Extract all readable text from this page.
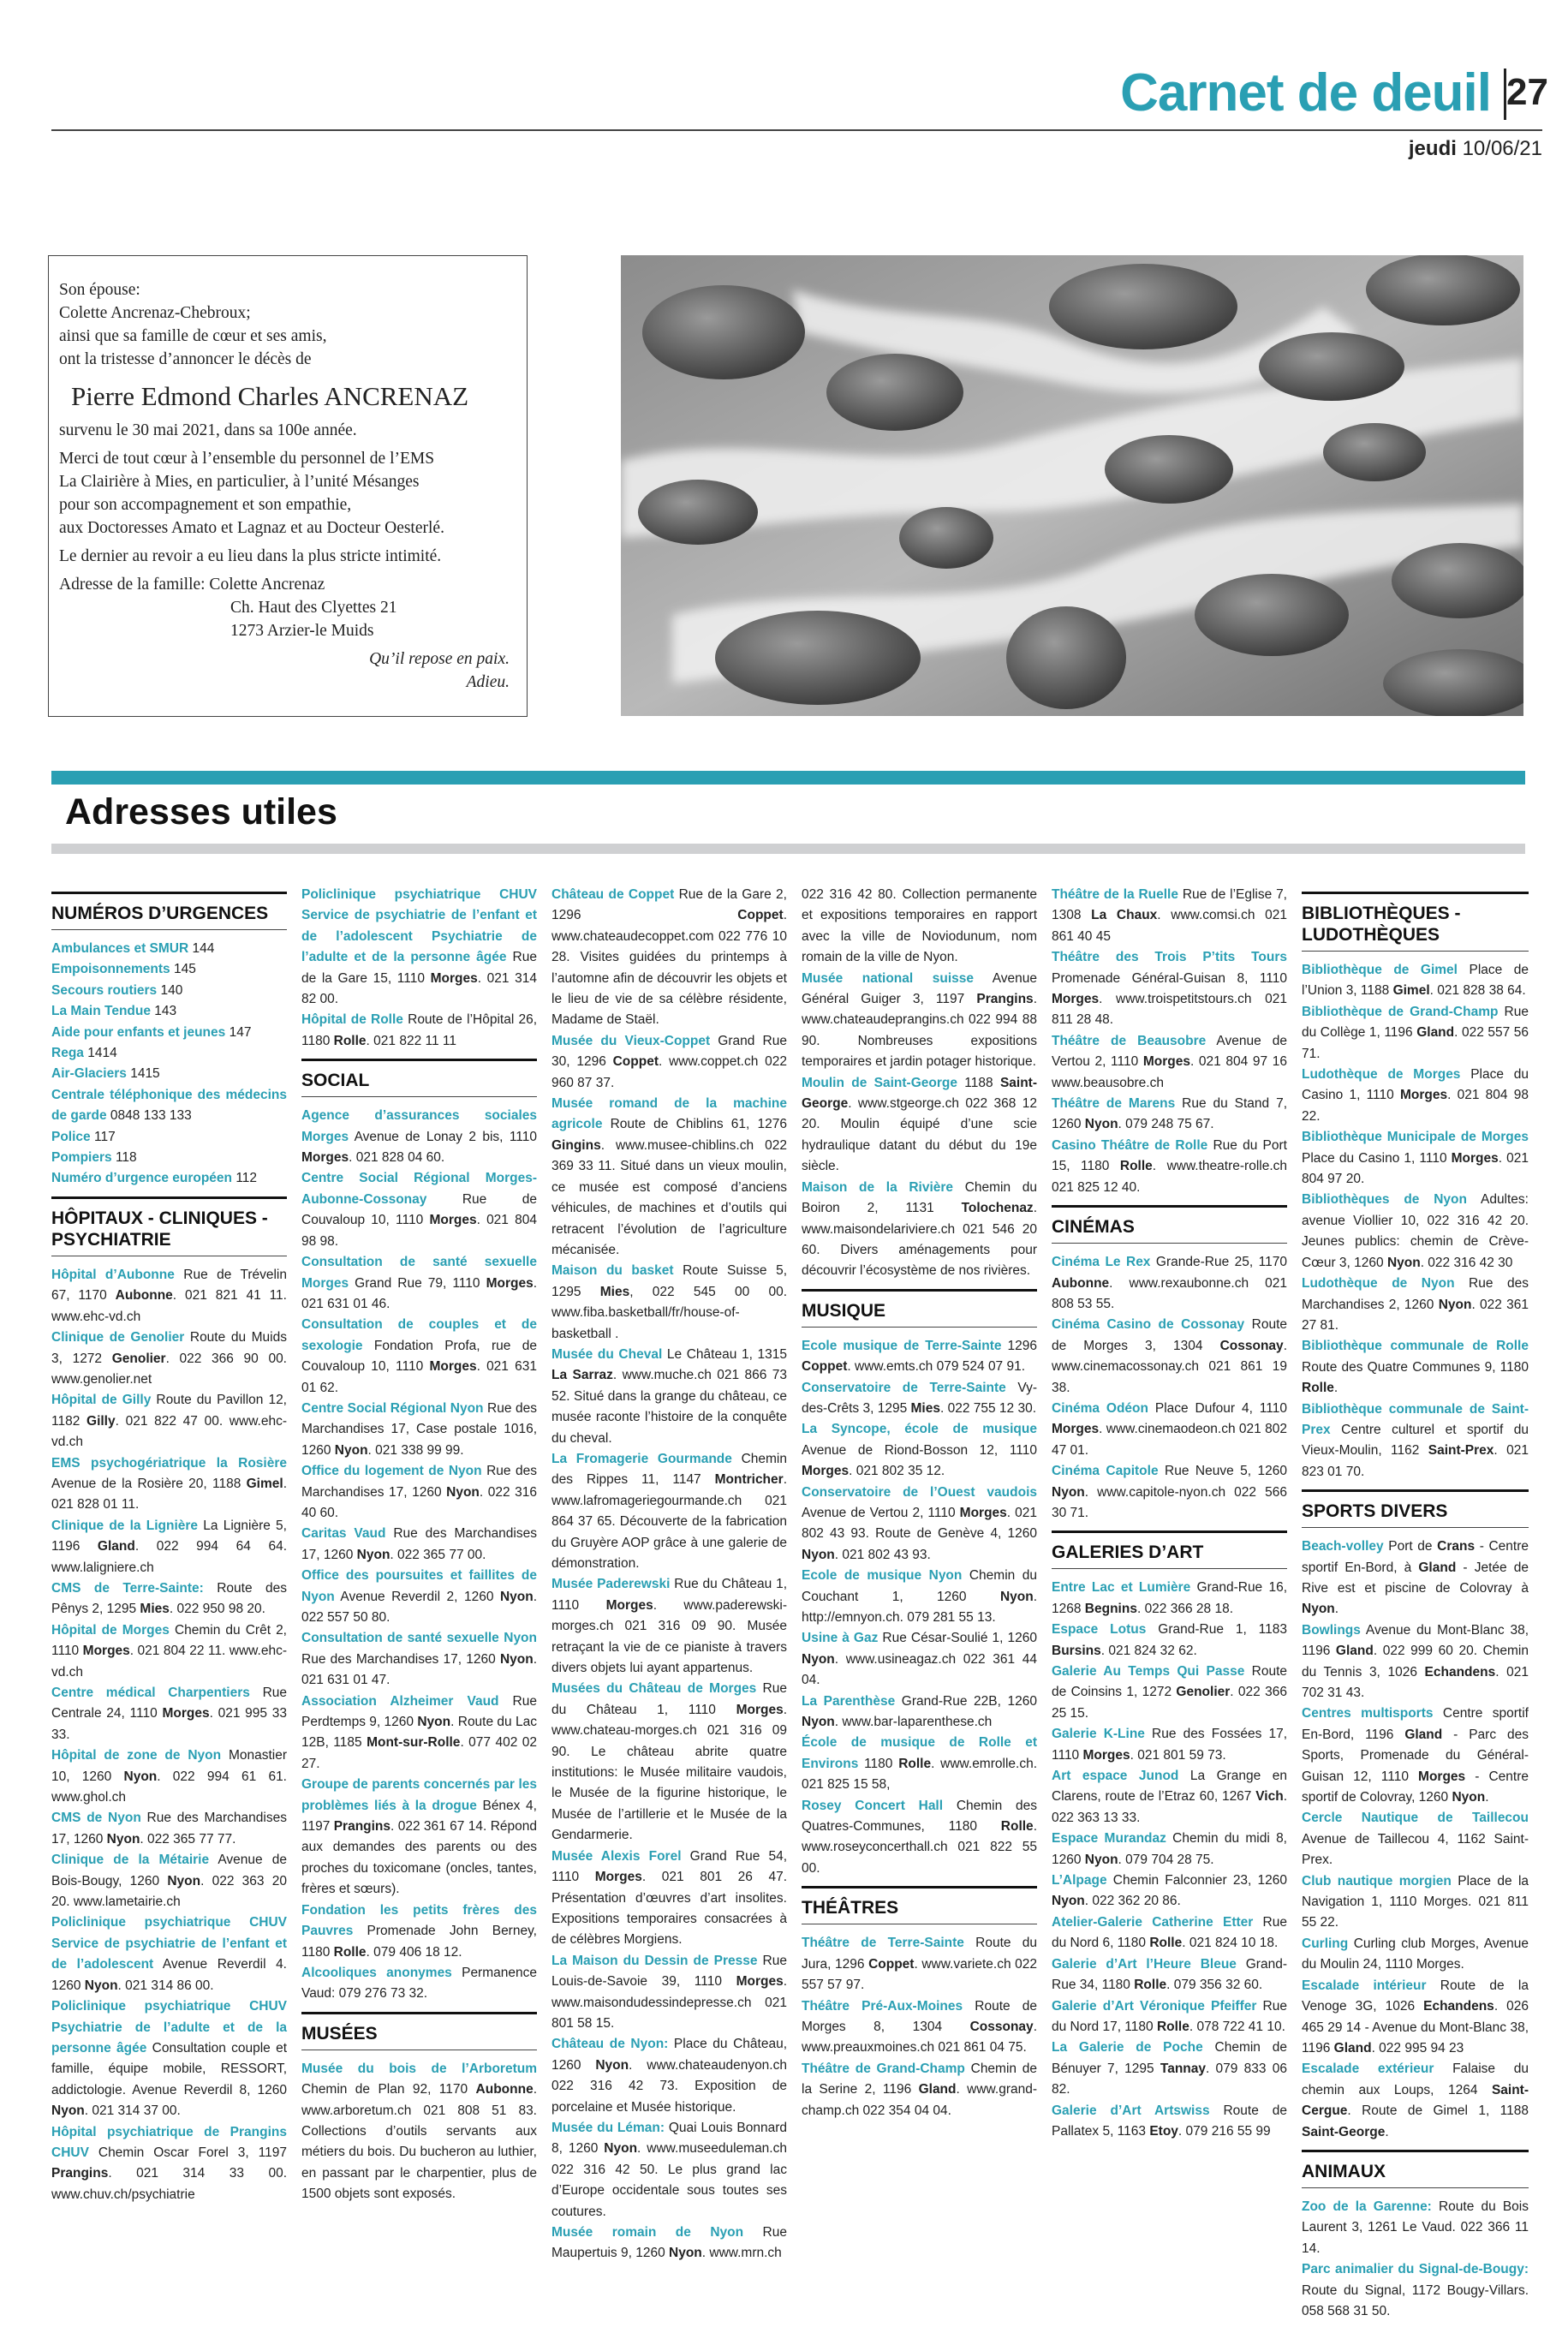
Carnet de deuil 27
jeudi 10/06/21

Son épouse:

Colette Ancrenaz-Chebroux;

ainsi que sa famille de cœur et ses amis,

ont la tristesse d’annoncer le décès de

Pierre Edmond Charles ANCRENAZ

survenu le 30 mai 2021, dans sa 100e année.

Merci de tout cœur à l’ensemble du personnel de l’EMS

La Clairière à Mies, en particulier, à l’unité Mésanges

pour son accompagnement et son empathie,

aux Doctoresses Amato et Lagnaz et au Docteur Oesterlé.

Le dernier au revoir a eu lieu dans la plus stricte intimité.

Adresse de la famille: Colette Ancrenaz

Ch. Haut des Clyettes 21

1273 Arzier-le Muids

Qu’il repose en paix.

Adieu.

Adresses utiles
NUMÉROS D’URGENCES
Ambulances et SMUR 144
Empoisonnements 145
Secours routiers 140
La Main Tendue 143
Aide pour enfants et jeunes 147
Rega 1414
Air-Glaciers 1415
Centrale téléphonique des médecins de garde 0848 133 133
Police 117
Pompiers 118
Numéro d’urgence européen 112
HÔPITAUX - CLINIQUES - PSYCHIATRIE
Hôpital d’Aubonne Rue de Trévelin 67, 1170 Aubonne. 021 821 41 11. www.ehc-vd.ch
Clinique de Genolier Route du Muids 3, 1272 Genolier. 022 366 90 00. www.genolier.net
Hôpital de Gilly Route du Pavillon 12, 1182 Gilly. 021 822 47 00. www.ehc-vd.ch
EMS psychogériatrique la Rosière Avenue de la Rosière 20, 1188 Gimel. 021 828 01 11.
Clinique de la Lignière La Lignière 5, 1196 Gland. 022 994 64 64. www.laligniere.ch
CMS de Terre-Sainte: Route des Pênys 2, 1295 Mies. 022 950 98 20.
Hôpital de Morges Chemin du Crêt 2, 1110 Morges. 021 804 22 11. www.ehc-vd.ch
Centre médical Charpentiers Rue Centrale 24, 1110 Morges. 021 995 33 33.
Hôpital de zone de Nyon Monastier 10, 1260 Nyon. 022 994 61 61. www.ghol.ch
CMS de Nyon Rue des Marchandises 17, 1260 Nyon. 022 365 77 77.
Clinique de la Métairie Avenue de Bois-Bougy, 1260 Nyon. 022 363 20 20. www.lametairie.ch
Policlinique psychiatrique CHUV Service de psychiatrie de l’enfant et de l’adolescent Avenue Reverdil 4. 1260 Nyon. 021 314 86 00.
Policlinique psychiatrique CHUV Psychiatrie de l’adulte et de la personne âgée Consultation couple et famille, équipe mobile, RESSORT, addictologie. Avenue Reverdil 8, 1260 Nyon. 021 314 37 00.
Hôpital psychiatrique de Prangins CHUV Chemin Oscar Forel 3, 1197 Prangins. 021 314 33 00. www.chuv.ch/psychiatrie
Policlinique psychiatrique CHUV Service de psychiatrie de l’enfant et de l’adolescent Psychiatrie de l’adulte et de la personne âgée Rue de la Gare 15, 1110 Morges. 021 314 82 00.
Hôpital de Rolle Route de l’Hôpital 26, 1180 Rolle. 021 822 11 11
SOCIAL
Agence d’assurances sociales Morges Avenue de Lonay 2 bis, 1110 Morges. 021 828 04 60.
Centre Social Régional Morges-Aubonne-Cossonay Rue de Couvaloup 10, 1110 Morges. 021 804 98 98.
Consultation de santé sexuelle Morges Grand Rue 79, 1110 Morges. 021 631 01 46.
Consultation de couples et de sexologie Fondation Profa, rue de Couvaloup 10, 1110 Morges. 021 631 01 62.
Centre Social Régional Nyon Rue des Marchandises 17, Case postale 1016, 1260 Nyon. 021 338 99 99.
Office du logement de Nyon Rue des Marchandises 17, 1260 Nyon. 022 316 40 60.
Caritas Vaud Rue des Marchandises 17, 1260 Nyon. 022 365 77 00.
Office des poursuites et faillites de Nyon Avenue Reverdil 2, 1260 Nyon. 022 557 50 80.
Consultation de santé sexuelle Nyon Rue des Marchandises 17, 1260 Nyon. 021 631 01 47.
Association Alzheimer Vaud Rue Perdtemps 9, 1260 Nyon. Route du Lac 12B, 1185 Mont-sur-Rolle. 077 402 02 27.
Groupe de parents concernés par les problèmes liés à la drogue Bénex 4, 1197 Prangins. 022 361 67 14. Répond aux demandes des parents ou des proches du toxicomane (oncles, tantes, frères et sœurs).
Fondation les petits frères des Pauvres Promenade John Berney, 1180 Rolle. 079 406 18 12.
Alcooliques anonymes Permanence Vaud: 079 276 73 32.
MUSÉES
Musée du bois de l’Arboretum Chemin de Plan 92, 1170 Aubonne. www.arboretum.ch 021 808 51 83. Collections d’outils servants aux métiers du bois. Du bucheron au luthier, en passant par le charpentier, plus de 1500 objets sont exposés.
Château de Coppet Rue de la Gare 2, 1296 Coppet. www.chateaudecoppet.com 022 776 10 28. Visites guidées du printemps à l’automne afin de découvrir les objets et le lieu de vie de sa célèbre résidente, Madame de Staël.
Musée du Vieux-Coppet Grand Rue 30, 1296 Coppet. www.coppet.ch 022 960 87 37.
Musée romand de la machine agricole Route de Chiblins 61, 1276 Gingins. www.musee-chiblins.ch 022 369 33 11. Situé dans un vieux moulin, ce musée est composé d’anciens véhicules, de machines et d’outils qui retracent l’évolution de l’agriculture mécanisée.
Maison du basket Route Suisse 5, 1295 Mies, 022 545 00 00. www.fiba.basketball/fr/house-of-basketball .
Musée du Cheval Le Château 1, 1315 La Sarraz. www.muche.ch 021 866 73 52. Situé dans la grange du château, ce musée raconte l’histoire de la conquête du cheval.
La Fromagerie Gourmande Chemin des Rippes 11, 1147 Montricher. www.lafromageriegourmande.ch 021 864 37 65. Découverte de la fabrication du Gruyère AOP grâce à une galerie de démonstration.
Musée Paderewski Rue du Château 1, 1110 Morges. www.paderewski-morges.ch 021 316 09 90. Musée retraçant la vie de ce pianiste à travers divers objets lui ayant appartenus.
Musées du Château de Morges Rue du Château 1, 1110 Morges. www.chateau-morges.ch 021 316 09 90. Le château abrite quatre institutions: le Musée militaire vaudois, le Musée de la figurine historique, le Musée de l’artillerie et le Musée de la Gendarmerie.
Musée Alexis Forel Grand Rue 54, 1110 Morges. 021 801 26 47. Présentation d’œuvres d’art insolites. Expositions temporaires consacrées à de célèbres Morgiens.
La Maison du Dessin de Presse Rue Louis-de-Savoie 39, 1110 Morges. www.maisondudessindepresse.ch 021 801 58 15.
Château de Nyon: Place du Château, 1260 Nyon. www.chateaudenyon.ch 022 316 42 73. Exposition de porcelaine et Musée historique.
Musée du Léman: Quai Louis Bonnard 8, 1260 Nyon. www.museeduleman.ch 022 316 42 50. Le plus grand lac d’Europe occidentale sous toutes ses coutures.
Musée romain de Nyon Rue Maupertuis 9, 1260 Nyon. www.mrn.ch
022 316 42 80. Collection permanente et expositions temporaires en rapport avec la ville de Noviodunum, nom romain de la ville de Nyon.
Musée national suisse Avenue Général Guiger 3, 1197 Prangins. www.chateaudeprangins.ch 022 994 88 90. Nombreuses expositions temporaires et jardin potager historique.
Moulin de Saint-George 1188 Saint-George. www.stgeorge.ch 022 368 12 20. Moulin équipé d’une scie hydraulique datant du début du 19e siècle.
Maison de la Rivière Chemin du Boiron 2, 1131 Tolochenaz. www.maisondelariviere.ch 021 546 20 60. Divers aménagements pour découvrir l’écosystème de nos rivières.
MUSIQUE
Ecole musique de Terre-Sainte 1296 Coppet. www.emts.ch 079 524 07 91.
Conservatoire de Terre-Sainte Vy-des-Crêts 3, 1295 Mies. 022 755 12 30.
La Syncope, école de musique Avenue de Riond-Bosson 12, 1110 Morges. 021 802 35 12.
Conservatoire de l’Ouest vaudois Avenue de Vertou 2, 1110 Morges. 021 802 43 93. Route de Genève 4, 1260 Nyon. 021 802 43 93.
Ecole de musique Nyon Chemin du Couchant 1, 1260 Nyon. http://emnyon.ch. 079 281 55 13.
Usine à Gaz Rue César-Soulié 1, 1260 Nyon. www.usineagaz.ch 022 361 44 04.
La Parenthèse Grand-Rue 22B, 1260 Nyon. www.bar-laparenthese.ch
École de musique de Rolle et Environs 1180 Rolle. www.emrolle.ch. 021 825 15 58,
Rosey Concert Hall Chemin des Quatres-Communes, 1180 Rolle. www.roseyconcerthall.ch 021 822 55 00.
THÉÂTRES
Théâtre de Terre-Sainte Route du Jura, 1296 Coppet. www.variete.ch 022 557 57 97.
Théâtre Pré-Aux-Moines Route de Morges 8, 1304 Cossonay. www.preauxmoines.ch 021 861 04 75.
Théâtre de Grand-Champ Chemin de la Serine 2, 1196 Gland. www.grand-champ.ch 022 354 04 04.
Théâtre de la Ruelle Rue de l’Eglise 7, 1308 La Chaux. www.comsi.ch 021 861 40 45
Théâtre des Trois P’tits Tours Promenade Général-Guisan 8, 1110 Morges. www.troispetitstours.ch 021 811 28 48.
Théâtre de Beausobre Avenue de Vertou 2, 1110 Morges. 021 804 97 16 www.beausobre.ch
Théâtre de Marens Rue du Stand 7, 1260 Nyon. 079 248 75 67.
Casino Théâtre de Rolle Rue du Port 15, 1180 Rolle. www.theatre-rolle.ch 021 825 12 40.
CINÉMAS
Cinéma Le Rex Grande-Rue 25, 1170 Aubonne. www.rexaubonne.ch 021 808 53 55.
Cinéma Casino de Cossonay Route de Morges 3, 1304 Cossonay. www.cinemacossonay.ch 021 861 19 38.
Cinéma Odéon Place Dufour 4, 1110 Morges. www.cinemaodeon.ch 021 802 47 01.
Cinéma Capitole Rue Neuve 5, 1260 Nyon. www.capitole-nyon.ch 022 566 30 71.
GALERIES D’ART
Entre Lac et Lumière Grand-Rue 16, 1268 Begnins. 022 366 28 18.
Espace Lotus Grand-Rue 1, 1183 Bursins. 021 824 32 62.
Galerie Au Temps Qui Passe Route de Coinsins 1, 1272 Genolier. 022 366 25 15.
Galerie K-Line Rue des Fossées 17, 1110 Morges. 021 801 59 73.
Art espace Junod La Grange en Clarens, route de l’Etraz 60, 1267 Vich. 022 363 13 33.
Espace Murandaz Chemin du midi 8, 1260 Nyon. 079 704 28 75.
L’Alpage Chemin Falconnier 23, 1260 Nyon. 022 362 20 86.
Atelier-Galerie Catherine Etter Rue du Nord 6, 1180 Rolle. 021 824 10 18.
Galerie d’Art l’Heure Bleue Grand-Rue 34, 1180 Rolle. 079 356 32 60.
Galerie d’Art Véronique Pfeiffer Rue du Nord 17, 1180 Rolle. 078 722 41 10.
La Galerie de Poche Chemin de Bénuyer 7, 1295 Tannay. 079 833 06 82.
Galerie d’Art Artswiss Route de Pallatex 5, 1163 Etoy. 079 216 55 99
BIBLIOTHÈQUES - LUDOTHÈQUES
Bibliothèque de Gimel Place de l’Union 3, 1188 Gimel. 021 828 38 64.
Bibliothèque de Grand-Champ Rue du Collège 1, 1196 Gland. 022 557 56 71.
Ludothèque de Morges Place du Casino 1, 1110 Morges. 021 804 98 22.
Bibliothèque Municipale de Morges Place du Casino 1, 1110 Morges. 021 804 97 20.
Bibliothèques de Nyon Adultes: avenue Viollier 10, 022 316 42 20. Jeunes publics: chemin de Crève-Cœur 3, 1260 Nyon. 022 316 42 30
Ludothèque de Nyon Rue des Marchandises 2, 1260 Nyon. 022 361 27 81.
Bibliothèque communale de Rolle Route des Quatre Communes 9, 1180 Rolle.
Bibliothèque communale de Saint-Prex Centre culturel et sportif du Vieux-Moulin, 1162 Saint-Prex. 021 823 01 70.
SPORTS DIVERS
Beach-volley Port de Crans - Centre sportif En-Bord, à Gland - Jetée de Rive est et piscine de Colovray à Nyon.
Bowlings Avenue du Mont-Blanc 38, 1196 Gland. 022 999 60 20. Chemin du Tennis 3, 1026 Echandens. 021 702 31 43.
Centres multisports Centre sportif En-Bord, 1196 Gland - Parc des Sports, Promenade du Général-Guisan 12, 1110 Morges - Centre sportif de Colovray, 1260 Nyon.
Cercle Nautique de Taillecou Avenue de Taillecou 4, 1162 Saint-Prex.
Club nautique morgien Place de la Navigation 1, 1110 Morges. 021 811 55 22.
Curling Curling club Morges, Avenue du Moulin 24, 1110 Morges.
Escalade intérieur Route de la Venoge 3G, 1026 Echandens. 026 465 29 14 - Avenue du Mont-Blanc 38, 1196 Gland. 022 995 94 23
Escalade extérieur Falaise du chemin aux Loups, 1264 Saint-Cergue. Route de Gimel 1, 1188 Saint-George.
ANIMAUX
Zoo de la Garenne: Route du Bois Laurent 3, 1261 Le Vaud. 022 366 11 14.
Parc animalier du Signal-de-Bougy: Route du Signal, 1172 Bougy-Villars. 058 568 31 50.
